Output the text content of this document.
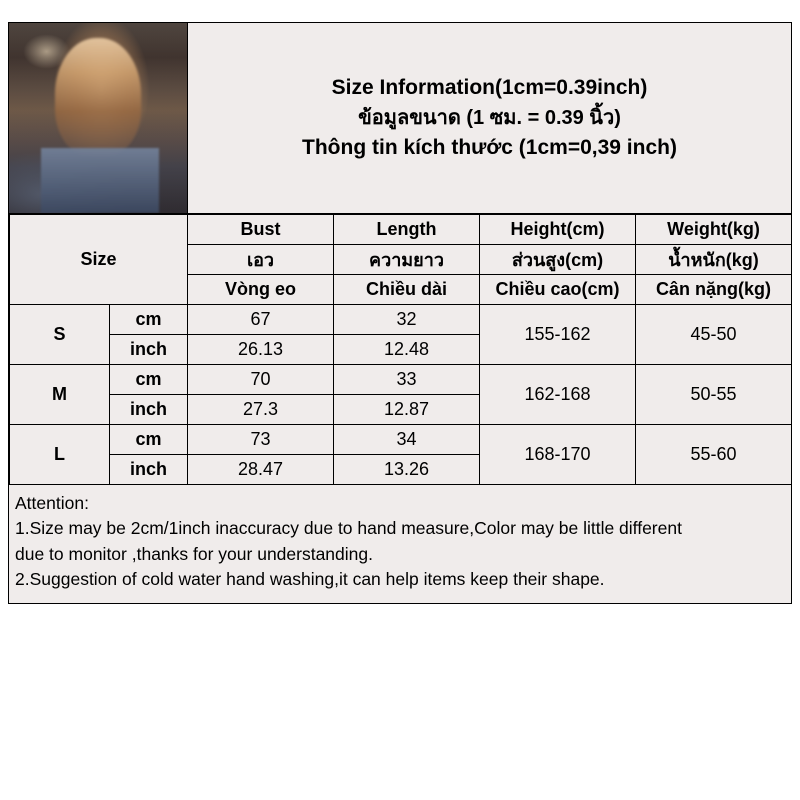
Size Information(1cm=0.39inch)
ข้อมูลขนาด (1 ซม. = 0.39 นิ้ว)
Thông tin kích thước (1cm=0,39 inch)
Size		Bust	Length	Height(cm)	Weight(kg)
		เอว	ความยาว	ส่วนสูง(cm)	น้ำหนัก(kg)
		Vòng eo	Chiều dài	Chiều cao(cm)	Cân nặng(kg)
S	cm	67	32	155-162	45-50
	inch	26.13	12.48		
M	cm	70	33	162-168	50-55
	inch	27.3	12.87		
L	cm	73	34	168-170	55-60
	inch	28.47	13.26		
Attention:
1.Size may be 2cm/1inch inaccuracy due to hand measure,Color may be little different
due to monitor ,thanks for your understanding.
2.Suggestion of cold water hand washing,it can help items keep their shape.
